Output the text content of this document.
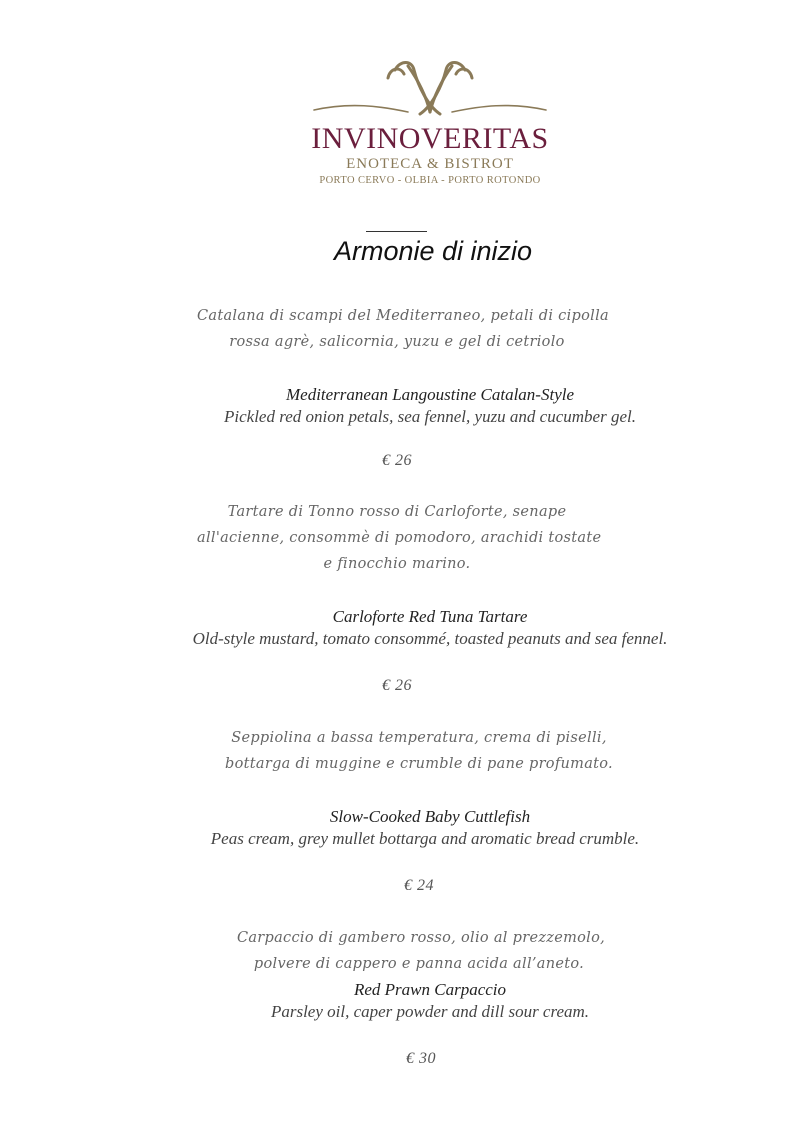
INVINOVERITAS
ENOTECA & BISTROT
PORTO CERVO - OLBIA - PORTO ROTONDO
Armonie di inizio
Catalana di scampi del Mediterraneo, petali di cipolla
rossa agrè, salicornia, yuzu e gel di cetriolo
Mediterranean Langoustine Catalan-Style
Pickled red onion petals, sea fennel, yuzu and cucumber gel.
€ 26
Tartare di Tonno rosso di Carloforte, senape
all'acienne, consommè di pomodoro, arachidi tostate
e finocchio marino.
Carloforte Red Tuna Tartare
Old-style mustard, tomato consommé, toasted peanuts and sea fennel.
€ 26
Seppiolina a bassa temperatura, crema di piselli,
bottarga di muggine e crumble di pane profumato.
Slow-Cooked Baby Cuttlefish
Peas cream, grey mullet bottarga and aromatic bread crumble.
€ 24
Carpaccio di gambero rosso, olio al prezzemolo,
polvere di cappero e panna acida all’aneto.
Red Prawn Carpaccio
Parsley oil, caper powder and dill sour cream.
€ 30
